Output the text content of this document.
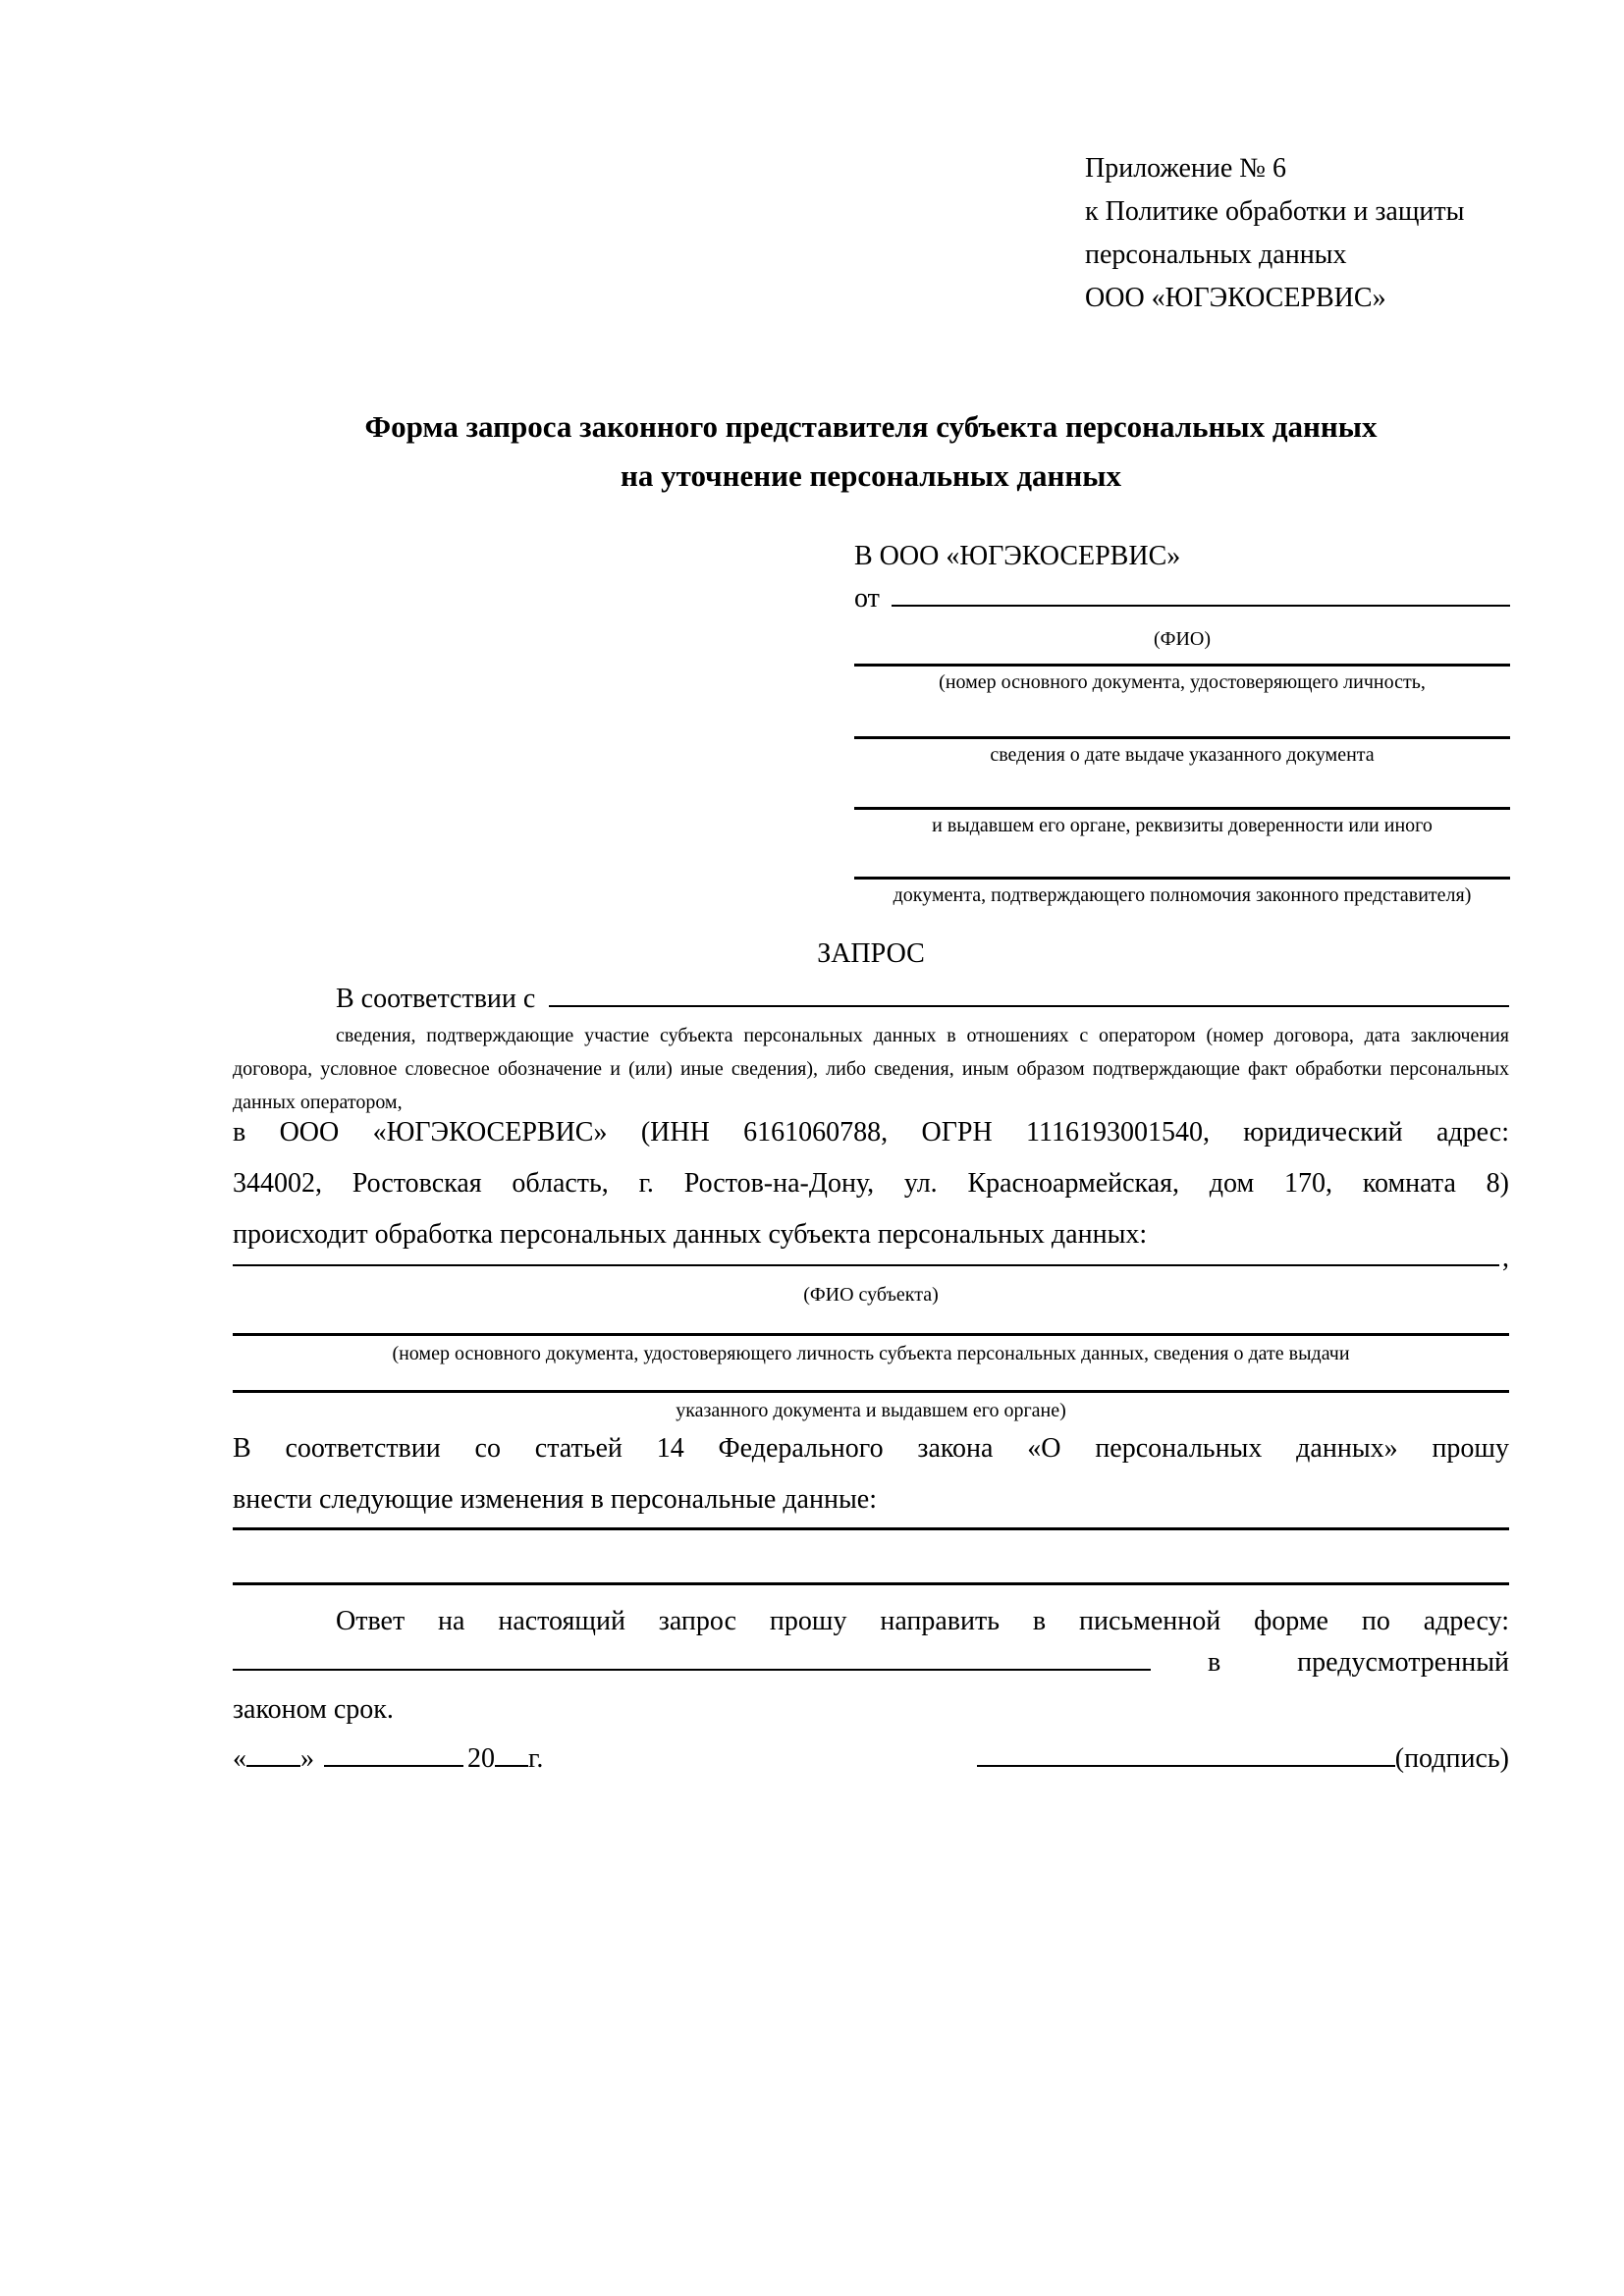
Приложение № 6
к Политике обработки и защиты
персональных данных
ООО «ЮГЭКОСЕРВИС»
Форма запроса законного представителя субъекта персональных данных
на уточнение персональных данных
В ООО «ЮГЭКОСЕРВИС»
от
(ФИО)
(номер основного документа, удостоверяющего личность,
сведения о дате выдаче указанного документа
и выдавшем его органе, реквизиты доверенности или иного
документа, подтверждающего полномочия законного представителя)
ЗАПРОС
В соответствии с
сведения, подтверждающие участие субъекта персональных данных в отношениях с оператором (номер договора, дата заключения договора, условное словесное обозначение и (или) иные сведения), либо сведения, иным образом подтверждающие факт обработки персональных данных оператором,
в ООО «ЮГЭКОСЕРВИС» (ИНН 6161060788, ОГРН 1116193001540, юридический адрес:
344002, Ростовская область, г. Ростов-на-Дону, ул. Красноармейская, дом 170, комната 8)
происходит обработка персональных данных субъекта персональных данных:
,
(ФИО субъекта)
(номер основного документа, удостоверяющего личность субъекта персональных данных, сведения о дате выдачи
указанного документа и выдавшем его органе)
В соответствии со статьей 14 Федерального закона «О персональных данных» прошу
внести следующие изменения в персональные данные:
Ответ на настоящий запрос прошу направить в письменной форме по адресу:
в	предусмотренный
законом срок.
« »	20 г.	(подпись)
